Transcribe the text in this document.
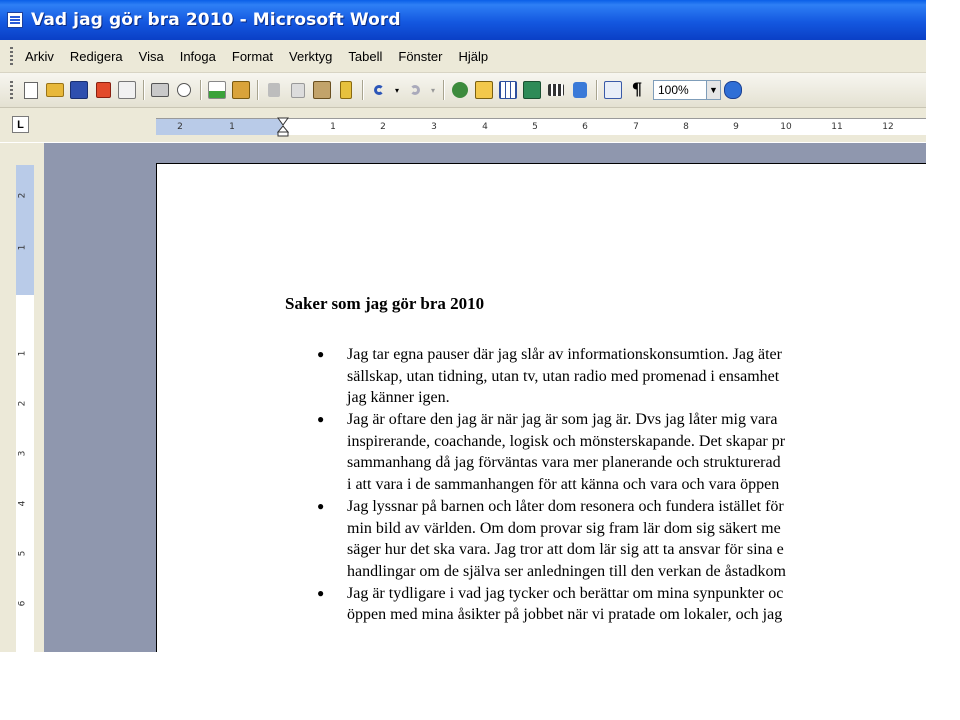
Vad jag gör bra 2010 - Microsoft Word
Arkiv	Redigera	Visa	Infoga	Format	Verktyg	Tabell	Fönster	Hjälp
▾	▾	¶	100%	▼
L	2	1	1	2	3	4	5	6	7	8	9	10	11	12
2
1
1
2
3
4
5
6
Saker som jag gör bra 2010
● Jag tar egna pauser där jag slår av informationskonsumtion. Jag äter
sällskap, utan tidning, utan tv, utan radio med promenad i ensamhet
jag känner igen.
● Jag är oftare den jag är när jag är som jag är. Dvs jag låter mig vara
inspirerande, coachande, logisk och mönsterskapande. Det skapar pr
sammanhang då jag förväntas vara mer planerande och strukturerad
i att vara i de sammanhangen för att känna och vara och vara öppen
● Jag lyssnar på barnen och låter dom resonera och fundera istället för
min bild av världen. Om dom provar sig fram lär dom sig säkert me
säger hur det ska vara. Jag tror att dom lär sig att ta ansvar för sina e
handlingar om de själva ser anledningen till den verkan de åstadkom
● Jag är tydligare i vad jag tycker och berättar om mina synpunkter oc
öppen med mina åsikter på jobbet när vi pratade om lokaler, och jag
